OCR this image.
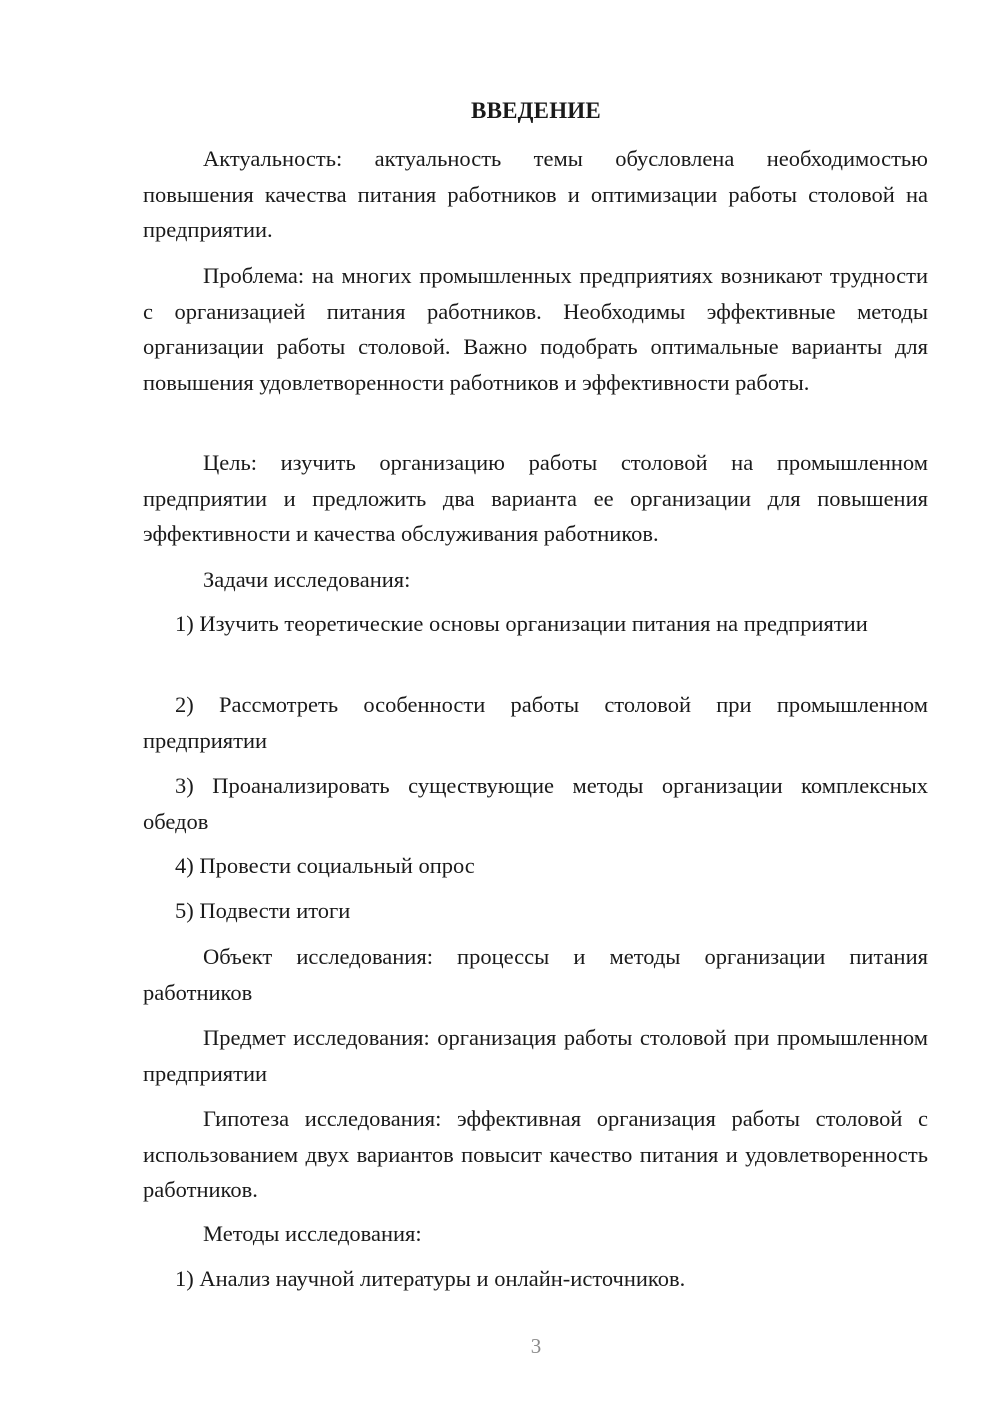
ВВЕДЕНИЕ

Актуальность: актуальность темы обусловлена необходимостью повышения качества питания работников и оптимизации работы столовой на предприятии.

Проблема: на многих промышленных предприятиях возникают трудности с организацией питания работников. Необходимы эффективные методы организации работы столовой. Важно подобрать оптимальные варианты для повышения удовлетворенности работников и эффективности работы.

Цель: изучить организацию работы столовой на промышленном предприятии и предложить два варианта ее организации для повышения эффективности и качества обслуживания работников.

Задачи исследования:

1) Изучить теоретические основы организации питания на предприятии

2) Рассмотреть особенности работы столовой при промышленном предприятии

3) Проанализировать существующие методы организации комплексных обедов

4) Провести социальный опрос

5) Подвести итоги

Объект исследования: процессы и методы организации питания работников

Предмет исследования: организация работы столовой при промышленном предприятии

Гипотеза исследования: эффективная организация работы столовой с использованием двух вариантов повысит качество питания и удовлетворенность работников.

Методы исследования:

1) Анализ научной литературы и онлайн-источников.

3
